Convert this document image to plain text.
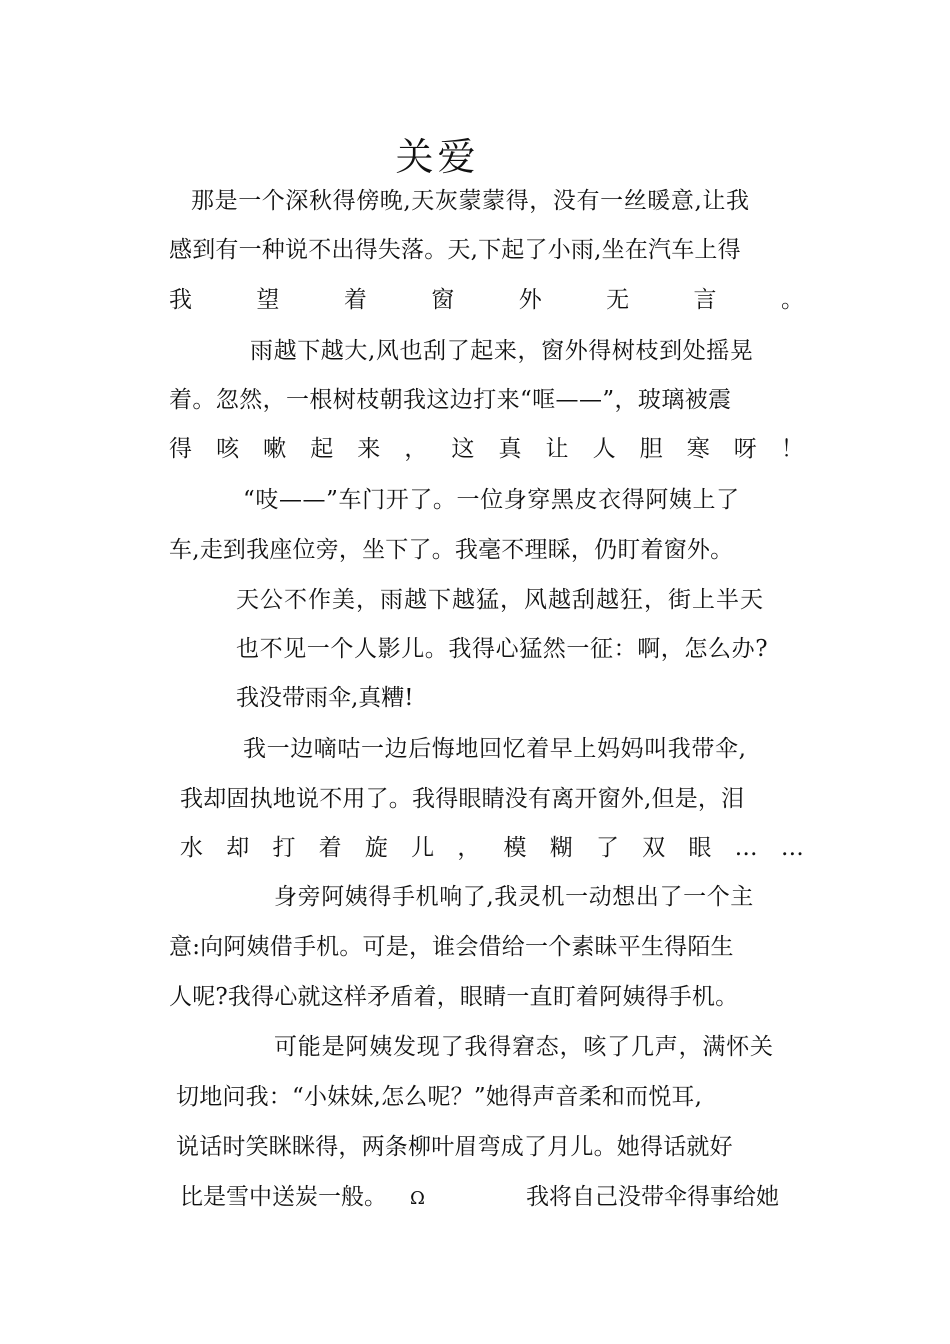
关爱
那是一个深秋得傍晚,天灰蒙蒙得，没有一丝暖意,让我
感到有一种说不出得失落。天,下起了小雨,坐在汽车上得
我	望	着	窗	外	无	言	。
雨越下越大,风也刮了起来，窗外得树枝到处摇晃
着。忽然，一根树枝朝我这边打来“哐——”，玻璃被震
得 咳 嗽 起 来 ， 这 真 让 人 胆 寒 呀 ！
“吱——”车门开了。一位身穿黑皮衣得阿姨上了
车,走到我座位旁，坐下了。我毫不理睬，仍盯着窗外。
天公不作美，雨越下越猛，风越刮越狂，街上半天
也不见一个人影儿。我得心猛然一征：啊，怎么办?
我没带雨伞,真糟!
我一边嘀咕一边后悔地回忆着早上妈妈叫我带伞,
我却固执地说不用了。我得眼睛没有离开窗外,但是，泪
水 却 打 着 旋 儿 ， 模 糊 了 双 眼 … …
身旁阿姨得手机响了,我灵机一动想出了一个主
意:向阿姨借手机。可是，谁会借给一个素昧平生得陌生
人呢?我得心就这样矛盾着，眼睛一直盯着阿姨得手机。
可能是阿姨发现了我得窘态，咳了几声，满怀关
切地问我：“小妹妹,怎么呢？”她得声音柔和而悦耳,
说话时笑眯眯得，两条柳叶眉弯成了月儿。她得话就好
比是雪中送炭一般。 Ω	我将自己没带伞得事给她
